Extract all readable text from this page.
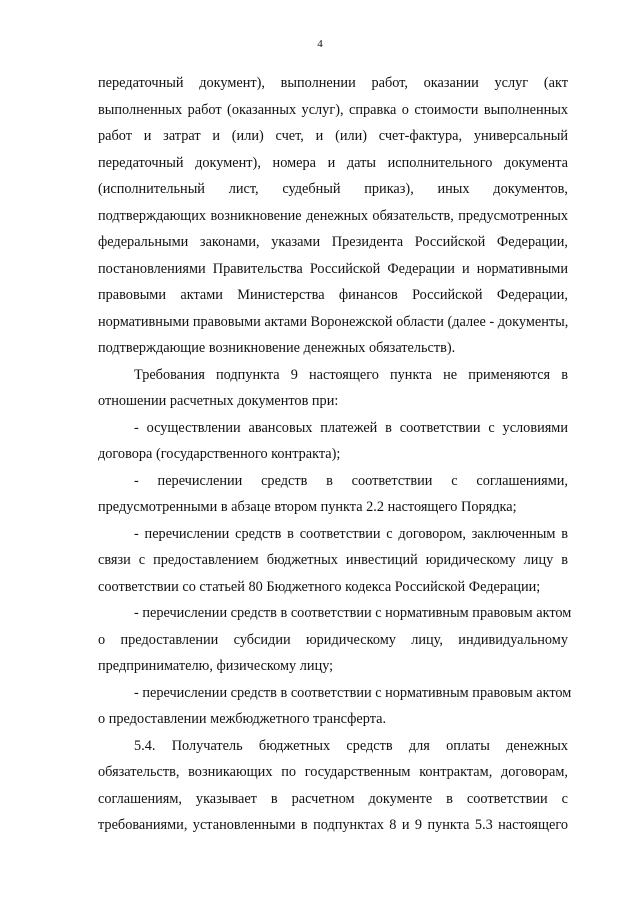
4
передаточный документ), выполнении работ, оказании услуг (акт
выполненных работ (оказанных услуг), справка о стоимости выполненных
работ и затрат и (или) счет, и (или) счет-фактура, универсальный
передаточный документ), номера и даты исполнительного документа
(исполнительный лист, судебный приказ), иных документов,
подтверждающих возникновение денежных обязательств, предусмотренных
федеральными законами, указами Президента Российской Федерации,
постановлениями Правительства Российской Федерации и нормативными
правовыми актами Министерства финансов Российской Федерации,
нормативными правовыми актами Воронежской области (далее - документы,
подтверждающие возникновение денежных обязательств).
Требования подпункта 9 настоящего пункта не применяются в
отношении расчетных документов при:
- осуществлении авансовых платежей в соответствии с условиями
договора (государственного контракта);
- перечислении средств в соответствии с соглашениями,
предусмотренными в абзаце втором пункта 2.2 настоящего Порядка;
- перечислении средств в соответствии с договором, заключенным в
связи с предоставлением бюджетных инвестиций юридическому лицу в
соответствии со статьей 80 Бюджетного кодекса Российской Федерации;
- перечислении средств в соответствии с нормативным правовым актом
о предоставлении субсидии юридическому лицу, индивидуальному
предпринимателю, физическому лицу;
- перечислении средств в соответствии с нормативным правовым актом
о предоставлении межбюджетного трансферта.
5.4. Получатель бюджетных средств для оплаты денежных
обязательств, возникающих по государственным контрактам, договорам,
соглашениям, указывает в расчетном документе в соответствии с
требованиями, установленными в подпунктах 8 и 9 пункта 5.3 настоящего
